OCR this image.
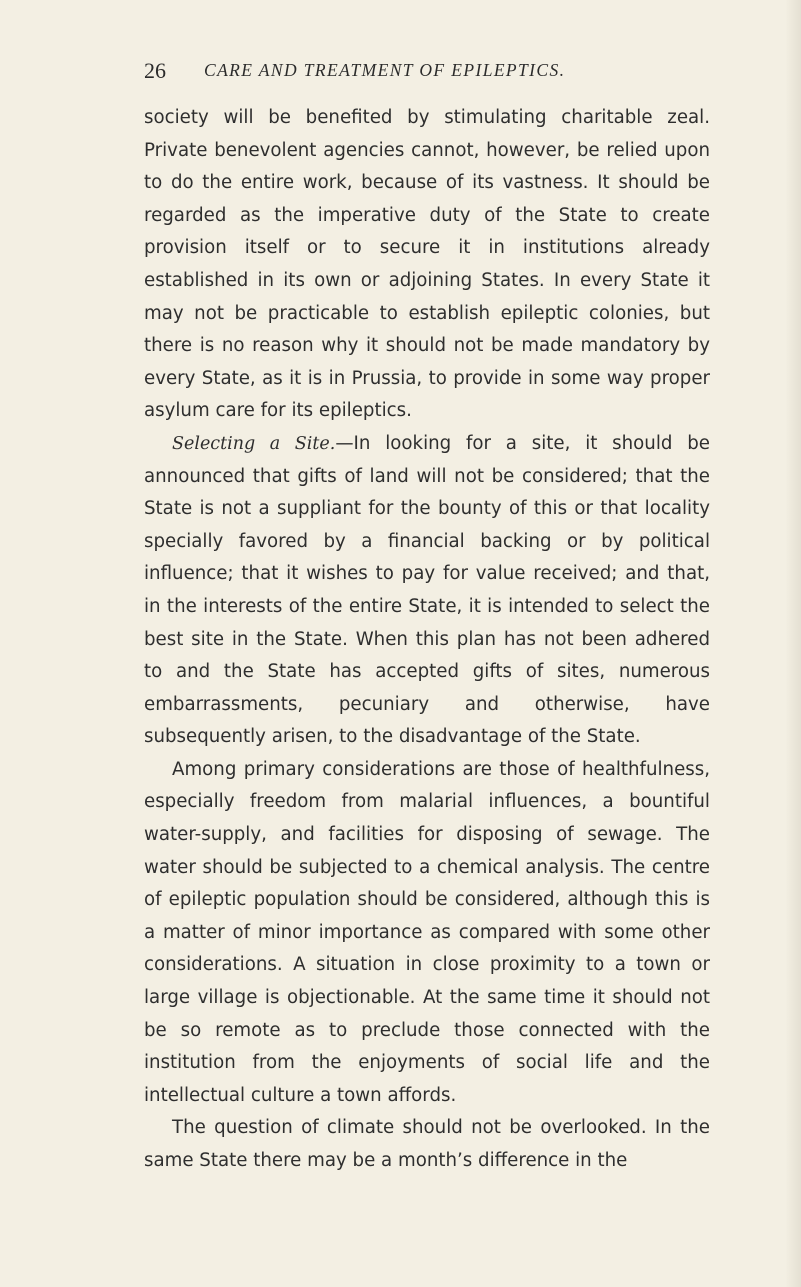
26 CARE AND TREATMENT OF EPILEPTICS.

society will be benefited by stimulating charitable zeal. Private benevolent agencies cannot, however, be relied upon to do the entire work, because of its vastness. It should be regarded as the imperative duty of the State to create provision itself or to secure it in institutions already established in its own or adjoining States. In every State it may not be practicable to establish epileptic colonies, but there is no reason why it should not be made mandatory by every State, as it is in Prussia, to provide in some way proper asylum care for its epileptics.

Selecting a Site.—In looking for a site, it should be announced that gifts of land will not be considered; that the State is not a suppliant for the bounty of this or that locality specially favored by a financial backing or by political influence; that it wishes to pay for value received; and that, in the interests of the entire State, it is intended to select the best site in the State. When this plan has not been adhered to and the State has accepted gifts of sites, numerous embarrassments, pecuniary and otherwise, have subsequently arisen, to the disadvantage of the State.

Among primary considerations are those of healthfulness, especially freedom from malarial influences, a bountiful water-supply, and facilities for disposing of sewage. The water should be subjected to a chemical analysis. The centre of epileptic population should be considered, although this is a matter of minor importance as compared with some other considerations. A situation in close proximity to a town or large village is objectionable. At the same time it should not be so remote as to preclude those connected with the institution from the enjoyments of social life and the intellectual culture a town affords.

The question of climate should not be overlooked. In the same State there may be a month’s difference in the
